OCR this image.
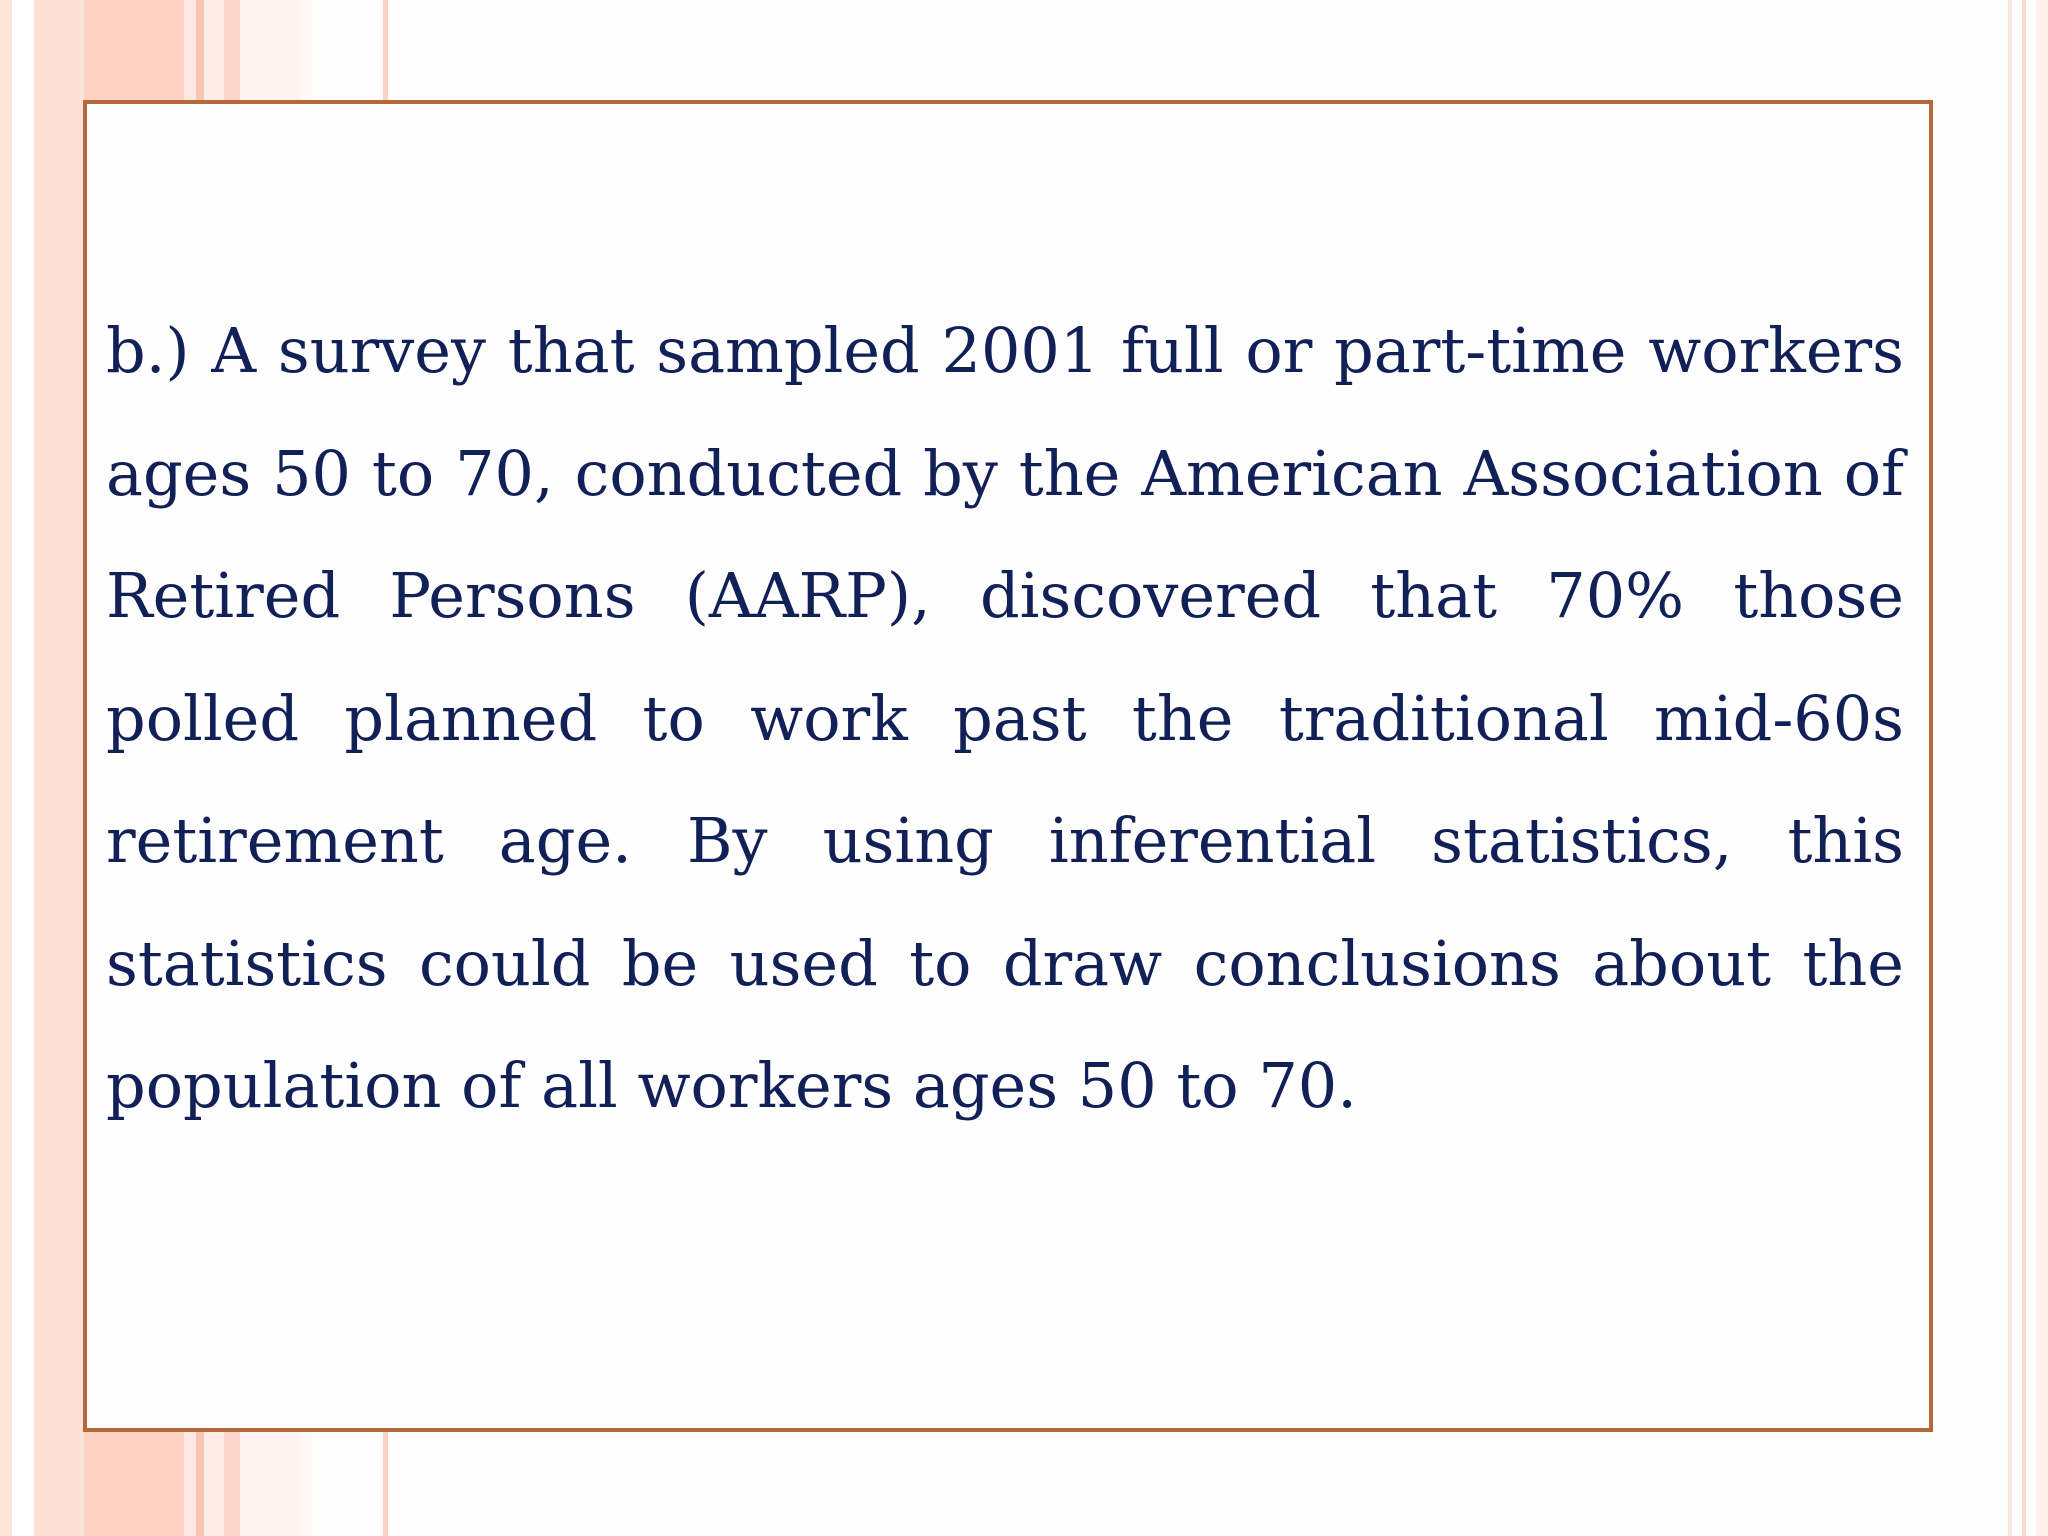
b.) A survey that sampled 2001 full or part-time workers ages 50 to 70, conducted by the American Association of Retired Persons (AARP), discovered that 70% those polled planned to work past the traditional mid-60s retirement age. By using inferential statistics, this statistics could be used to draw conclusions about the population of all workers ages 50 to 70.
